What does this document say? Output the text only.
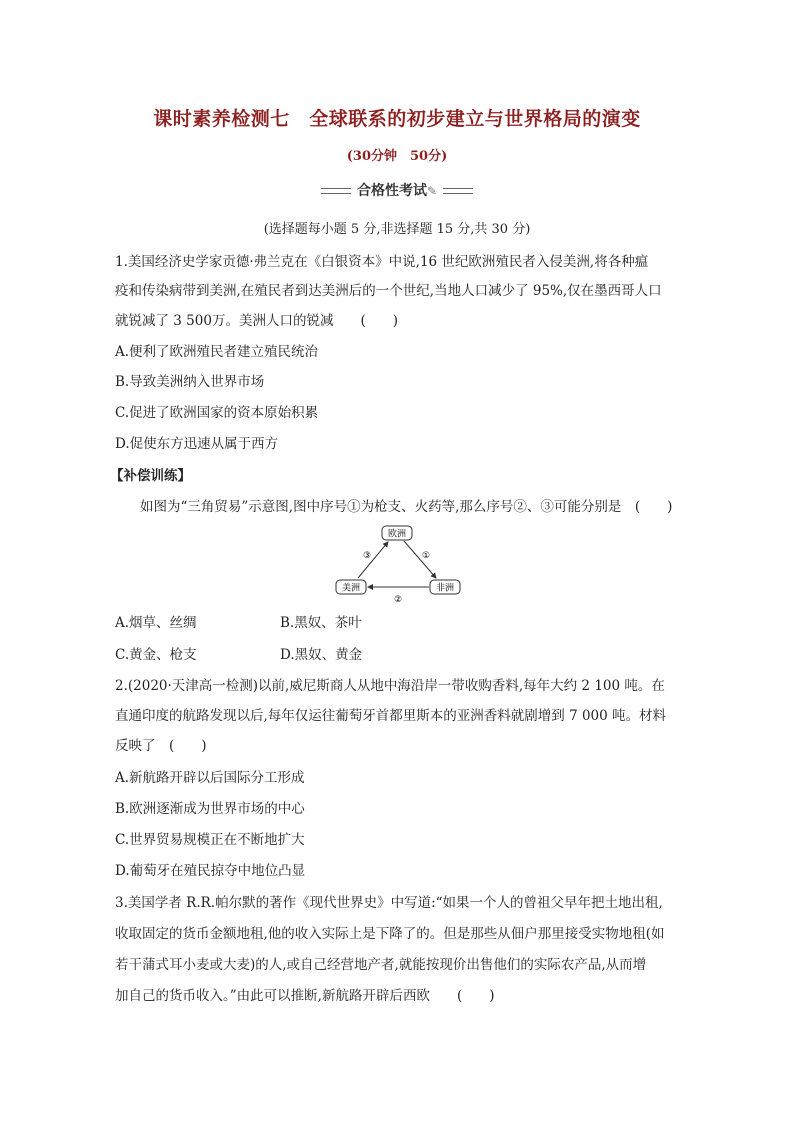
课时素养检测七　全球联系的初步建立与世界格局的演变
(30分钟　50分)
合格性考试✎
(选择题每小题 5 分,非选择题 15 分,共 30 分)
1.美国经济史学家贡德·弗兰克在《白银资本》中说,16 世纪欧洲殖民者入侵美洲,将各种瘟
疫和传染病带到美洲,在殖民者到达美洲后的一个世纪,当地人口减少了 95%,仅在墨西哥人口
就锐减了 3 500万。美洲人口的锐减　　(　　)
A.便利了欧洲殖民者建立殖民统治
B.导致美洲纳入世界市场
C.促进了欧洲国家的资本原始积累
D.促使东方迅速从属于西方
【补偿训练】
如图为“三角贸易”示意图,图中序号①为枪支、火药等,那么序号②、③可能分别是　(　　)
欧洲
美洲	非洲
①
②
③
A.烟草、丝绸	B.黑奴、茶叶
C.黄金、枪支	D.黑奴、黄金
2.(2020·天津高一检测)以前,威尼斯商人从地中海沿岸一带收购香料,每年大约 2 100 吨。在
直通印度的航路发现以后,每年仅运往葡萄牙首都里斯本的亚洲香料就剧增到 7 000 吨。材料
反映了　(　　)
A.新航路开辟以后国际分工形成
B.欧洲逐渐成为世界市场的中心
C.世界贸易规模正在不断地扩大
D.葡萄牙在殖民掠夺中地位凸显
3.美国学者 R.R.帕尔默的著作《现代世界史》中写道:“如果一个人的曾祖父早年把土地出租,
收取固定的货币金额地租,他的收入实际上是下降了的。但是那些从佃户那里接受实物地租(如
若干蒲式耳小麦或大麦)的人,或自己经营地产者,就能按现价出售他们的实际农产品,从而增
加自己的货币收入。”由此可以推断,新航路开辟后西欧　　(　　)
